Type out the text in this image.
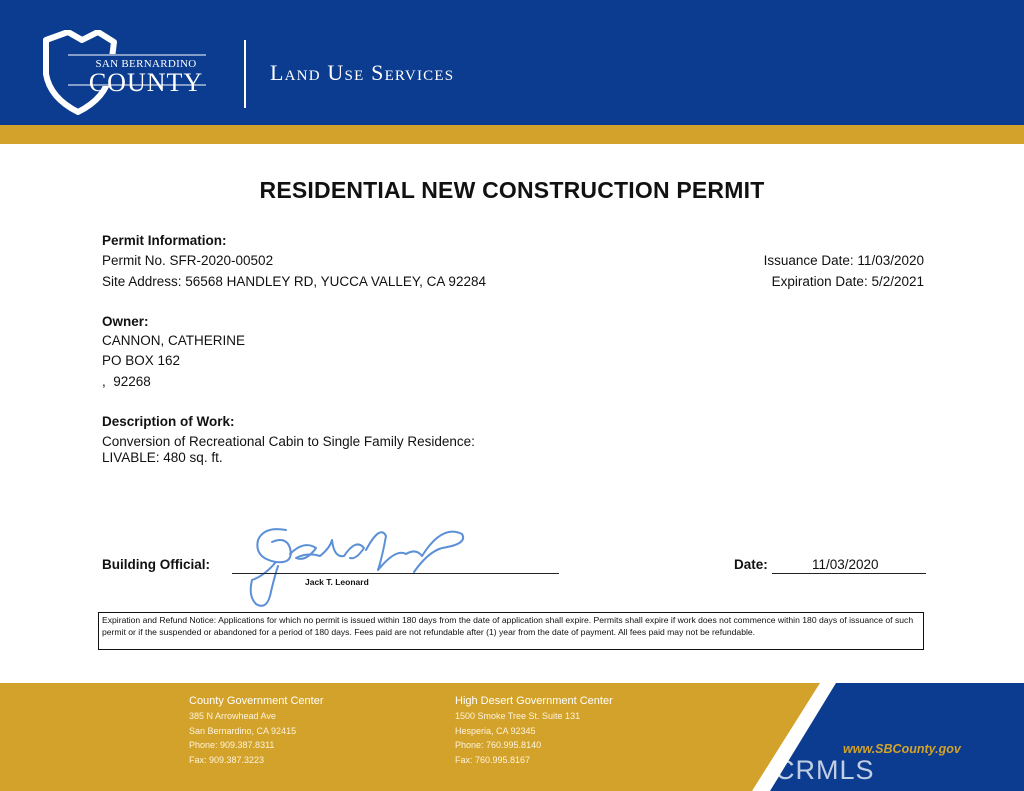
SAN BERNARDINO
COUNTY	Land Use Services
RESIDENTIAL NEW CONSTRUCTION PERMIT
Permit Information:
Permit No. SFR-2020-00502
Site Address: 56568 HANDLEY RD, YUCCA VALLEY, CA 92284
Issuance Date: 11/03/2020
Expiration Date: 5/2/2021
Owner:
CANNON, CATHERINE
PO BOX 162
,  92268
Description of Work:
Conversion of Recreational Cabin to Single Family Residence:
LIVABLE: 480 sq. ft.
Building Official:
Jack T. Leonard
Date:	11/03/2020
Expiration and Refund Notice: Applications for which no permit is issued within 180 days from the date of application shall expire. Permits shall expire if work does not commence within 180 days of issuance of such permit or if the suspended or abandoned for a period of 180 days. Fees paid are not refundable after (1) year from the date of payment. All fees paid may not be refundable.
County Government Center
385 N Arrowhead Ave
San Bernardino, CA 92415
Phone: 909.387.8311
Fax: 909.387.3223
High Desert Government Center
1500 Smoke Tree St. Suite 131
Hesperia, CA 92345
Phone: 760.995.8140
Fax: 760.995.8167
www.SBCounty.gov
CRMLS
